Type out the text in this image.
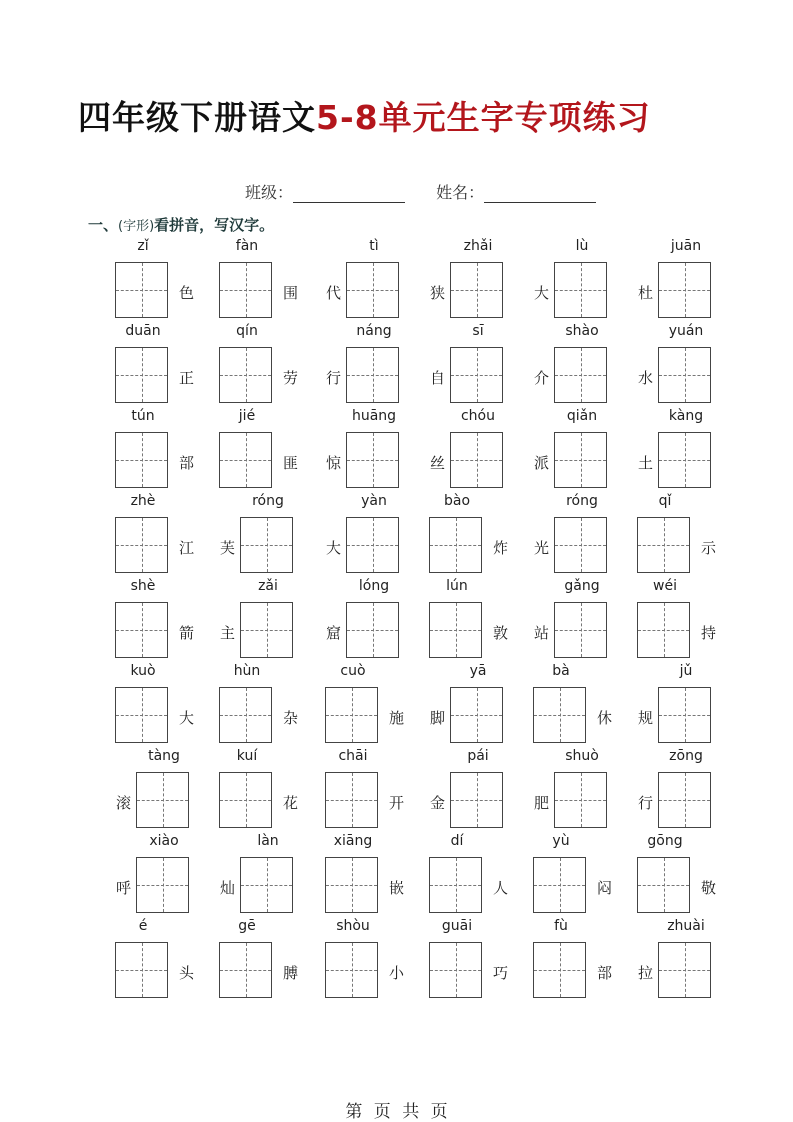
四年级下册语文5-8单元生字专项练习
班级：	姓名：
一、(字形)看拼音，写汉字。
zǐ
色
fàn
围
tì
代
zhǎi
狭
lù
大
juān
杜
duān
正
qín
劳
náng
行
sī
自
shào
介
yuán
水
tún
部
jié
匪
huāng
惊
chóu
丝
qiǎn
派
kàng
土
zhè
江
róng
芙
yàn
大
bào
炸
róng
光
qǐ
示
shè
箭
zǎi
主
lóng
窟
lún
敦
gǎng
站
wéi
持
kuò
大
hùn
杂
cuò
施
yā
脚
bà
休
jǔ
规
tàng
滚
kuí
花
chāi
开
pái
金
shuò
肥
zōng
行
xiào
呼
làn
灿
xiāng
嵌
dí
人
yù
闷
gōng
敬
é
头
gē
膊
shòu
小
guāi
巧
fù
部
zhuài
拉
第 页 共 页
